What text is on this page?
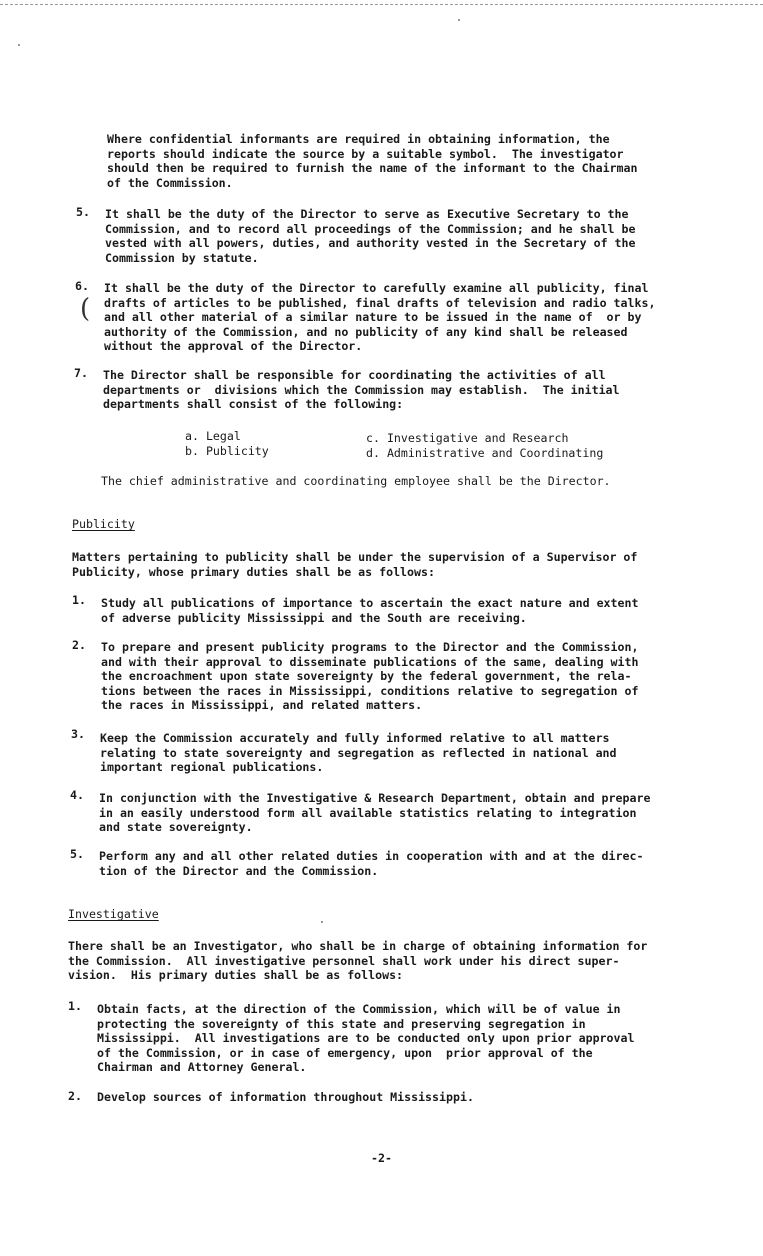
Where confidential informants are required in obtaining information, the
reports should indicate the source by a suitable symbol.  The investigator
should then be required to furnish the name of the informant to the Chairman
of the Commission.
5. It shall be the duty of the Director to serve as Executive Secretary to the
Commission, and to record all proceedings of the Commission; and he shall be
vested with all powers, duties, and authority vested in the Secretary of the
Commission by statute.
6.
(
It shall be the duty of the Director to carefully examine all publicity, final
drafts of articles to be published, final drafts of television and radio talks,
and all other material of a similar nature to be issued in the name of  or by
authority of the Commission, and no publicity of any kind shall be released
without the approval of the Director.
7. The Director shall be responsible for coordinating the activities of all
departments or  divisions which the Commission may establish.  The initial
departments shall consist of the following:
a. Legal
b. Publicity
c. Investigative and Research
d. Administrative and Coordinating
The chief administrative and coordinating employee shall be the Director.
Publicity
Matters pertaining to publicity shall be under the supervision of a Supervisor of
Publicity, whose primary duties shall be as follows:
1. Study all publications of importance to ascertain the exact nature and extent
of adverse publicity Mississippi and the South are receiving.
2. To prepare and present publicity programs to the Director and the Commission,
and with their approval to disseminate publications of the same, dealing with
the encroachment upon state sovereignty by the federal government, the rela-
tions between the races in Mississippi, conditions relative to segregation of
the races in Mississippi, and related matters.
3. Keep the Commission accurately and fully informed relative to all matters
relating to state sovereignty and segregation as reflected in national and
important regional publications.
4. In conjunction with the Investigative & Research Department, obtain and prepare
in an easily understood form all available statistics relating to integration
and state sovereignty.
5. Perform any and all other related duties in cooperation with and at the direc-
tion of the Director and the Commission.
Investigative
There shall be an Investigator, who shall be in charge of obtaining information for
the Commission.  All investigative personnel shall work under his direct super-
vision.  His primary duties shall be as follows:
1. Obtain facts, at the direction of the Commission, which will be of value in
protecting the sovereignty of this state and preserving segregation in
Mississippi.  All investigations are to be conducted only upon prior approval
of the Commission, or in case of emergency, upon  prior approval of the
Chairman and Attorney General.
2. Develop sources of information throughout Mississippi.
-2-
